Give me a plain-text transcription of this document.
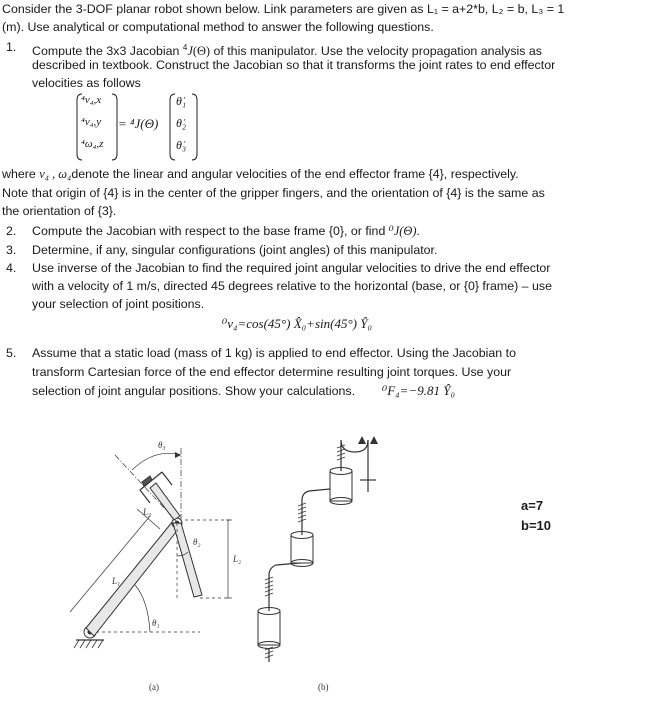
Consider the 3-DOF planar robot shown below. Link parameters are given as L₁ = a+2*b, L₂ = b, L₃ = 1
(m). Use analytical or computational method to answer the following questions.
1. Compute the 3x3 Jacobian $^4$J(Θ) of this manipulator. Use the velocity propagation analysis as
described in textbook. Construct the Jacobian so that it transforms the joint rates to end effector
velocities as follows
⁴v₄,x
⁴v₄,y
⁴ω₄,z
= ⁴J(Θ)
θ̇₁
θ̇₂
θ̇₃
where v₄ , ω₄denote the linear and angular velocities of the end effector frame {4}, respectively.
Note that origin of {4} is in the center of the gripper fingers, and the orientation of {4} is the same as
the orientation of {3}.
2. Compute the Jacobian with respect to the base frame {0}, or find ⁰J(Θ).
3. Determine, if any, singular configurations (joint angles) of this manipulator.
4. Use inverse of the Jacobian to find the required joint angular velocities to drive the end effector
with a velocity of 1 m/s, directed 45 degrees relative to the horizontal (base, or {0} frame) – use
your selection of joint positions.
⁰v₄=cos(45°) X̂₀+sin(45°) Ŷ₀
5. Assume that a static load (mass of 1 kg) is applied to end effector. Using the Jacobian to
transform Cartesian force of the end effector determine resulting joint torques. Use your
selection of joint angular positions. Show your calculations. ⁰F₄=−9.81 Ŷ₀
θ₃
L₃
θ₂
L₂
L₁
θ₁
(a)	(b)
a=7
b=10
